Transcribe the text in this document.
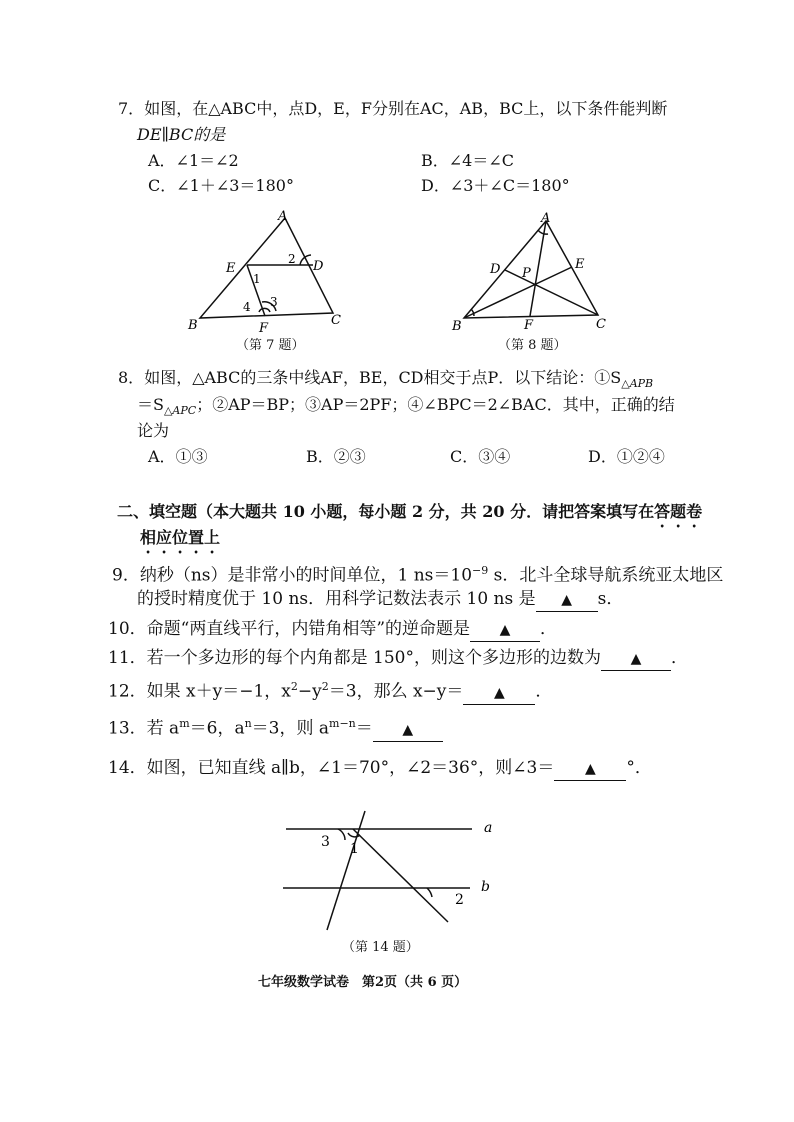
7．如图，在△ABC中，点D，E，F分别在AC，AB，BC上，以下条件能判断
DE∥BC的是
A．∠1＝∠2	B．∠4＝∠C
C．∠1＋∠3＝180°	D．∠3＋∠C＝180°
A
B	C
D
E
F
1
2
3
4
（第 7 题）
A
B	C
D	E
F
P
（第 8 题）
8．如图，△ABC的三条中线AF，BE，CD相交于点P．以下结论：$①S_{\triangle APB}$
$=S_{\triangle APC}$；②AP＝BP；③AP＝2PF；④∠BPC＝2∠BAC．其中，正确的结
论为
A．①③	B．②③	C．③④	D．①②④
二、填空题（本大题共 10 小题，每小题 2 分，共 20 分．请把答案填写在答题卷
相应位置上
9．纳秒（ns）是非常小的时间单位，1 $ns=10^{-9}$ s．北斗全球导航系统亚太地区
的授时精度优于 10 ns．用科学记数法表示 10 ns 是 ▲ s．
10．命题“两直线平行，内错角相等”的逆命题是 ▲ ．
11．若一个多边形的每个内角都是 150°，则这个多边形的边数为 ▲ ．
12．如果 x＋y＝−1，$x^2-y^2=3$，那么 x−y＝ ▲ ．
13．若 $a^m=6$，$a^n=3$，则 $a^{m-n}=$ ▲
14．如图，已知直线 a∥b，∠1＝70°，∠2＝36°，则∠3＝ ▲ °．
a
b
1
2
3
（第 14 题）
七年级数学试卷　第2页（共 6 页）
